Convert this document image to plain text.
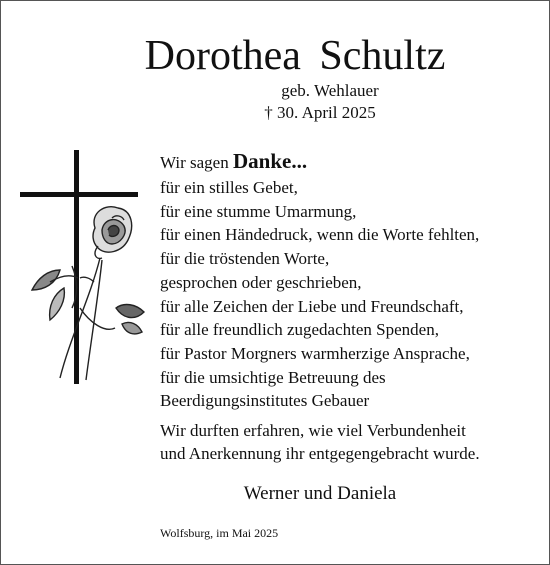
Dorothea Schultz
geb. Wehlauer
† 30. April 2025
Wir sagen Danke...
für ein stilles Gebet,
für eine stumme Umarmung,
für einen Händedruck, wenn die Worte fehlten,
für die tröstenden Worte,
gesprochen oder geschrieben,
für alle Zeichen der Liebe und Freundschaft,
für alle freundlich zugedachten Spenden,
für Pastor Morgners warmherzige Ansprache,
für die umsichtige Betreuung des
Beerdigungsinstitutes Gebauer
Wir durften erfahren, wie viel Verbundenheit
und Anerkennung ihr entgegengebracht wurde.
Werner und Daniela
Wolfsburg, im Mai 2025
